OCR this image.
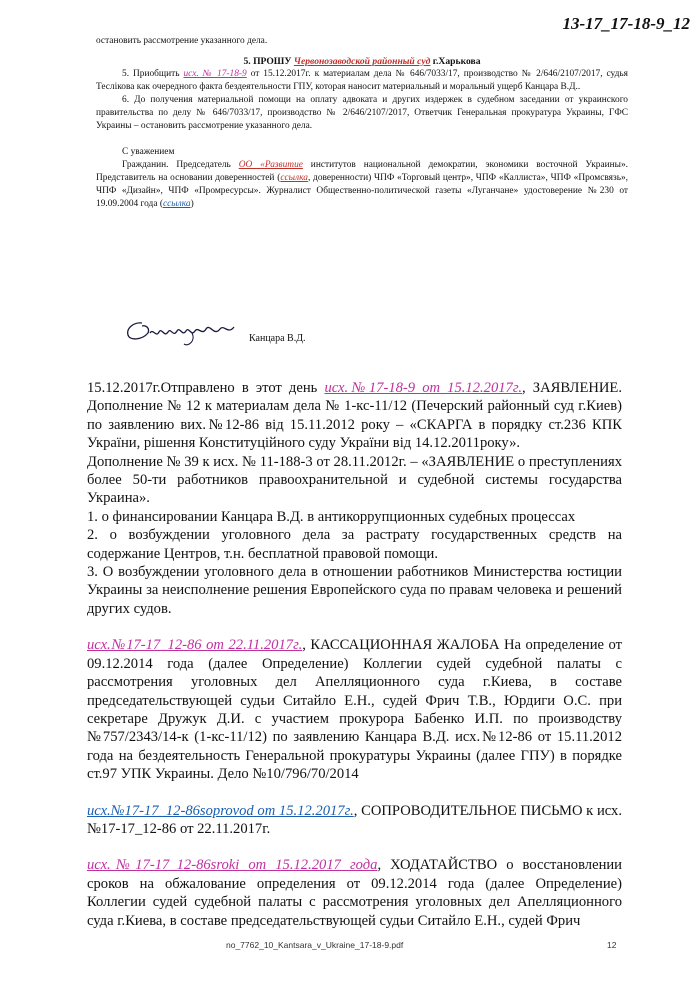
13-17_17-18-9_12

остановить рассмотрение указанного дела.

5. ПРОШУ Червонозаводской районный суд г.Харькова

5. Приобщить исх. № 17-18-9 от 15.12.2017г. к материалам дела № 646/7033/17, производство № 2/646/2107/2017, судья Теслікова как очередного факта бездеятельности ГПУ, которая наносит материальный и моральный ущерб Канцара В.Д..

6. До получения материальной помощи на оплату адвоката и других издержек в судебном заседании от украинского правительства по делу № 646/7033/17, производство № 2/646/2107/2017, Ответчик Генеральная прокуратура Украины, ГФС Украины – остановить рассмотрение указанного дела.

С уважением

Гражданин. Председатель ОО «Развитие институтов национальной демократии, экономики восточной Украины». Представитель на основании доверенностей (ссылка, доверенности) ЧПФ «Торговый центр», ЧПФ «Каллиста», ЧПФ «Промсвязь», ЧПФ «Дизайн», ЧПФ «Промресурсы». Журналист Общественно-политической газеты «Луганчане» удостоверение №230 от 19.09.2004 года (ссылка)

Канцара В.Д.

15.12.2017г.Отправлено в этот день исх.№17-18-9 от 15.12.2017г., ЗАЯВЛЕНИЕ. Дополнение № 12 к материалам дела № 1-кс-11/12 (Печерский районный суд г.Киев) по заявлению вих.№12-86 від 15.11.2012 року – «СКАРГА в порядку ст.236 КПК України, рішення Конституційного суду України від 14.12.2011року».

Дополнение № 39 к исх. № 11-188-3 от 28.11.2012г. – «ЗАЯВЛЕНИЕ о преступлениях более 50-ти работников правоохранительной и судебной системы государства Украина».

1. о финансировании Канцара В.Д. в антикоррупционных судебных процессах

2. о возбуждении уголовного дела за растрату государственных средств на содержание Центров, т.н. бесплатной правовой помощи.

3. О возбуждении уголовного дела в отношении работников Министерства юстиции Украины за неисполнение решения Европейского суда по правам человека и решений других судов.

исх.№17-17_12-86 от 22.11.2017г., КАССАЦИОННАЯ ЖАЛОБА На определение от 09.12.2014 года (далее Определение) Коллегии судей судебной палаты с рассмотрения уголовных дел Апелляционного суда г.Киева, в составе председательствующей судьи Ситайло Е.Н., судей Фрич Т.В., Юрдиги О.С. при секретаре Дружук Д.И. с участием прокурора Бабенко И.П. по производству №757/2343/14-к (1-кс-11/12) по заявлению Канцара В.Д. исх.№12-86 от 15.11.2012 года на бездеятельность Генеральной прокуратуры Украины (далее ГПУ) в порядке ст.97 УПК Украины. Дело №10/796/70/2014

исх.№17-17_12-86soprovod от 15.12.2017г., СОПРОВОДИТЕЛЬНОЕ ПИСЬМО к исх.№17-17_12-86 от 22.11.2017г.

исх.№17-17_12-86sroki от 15.12.2017 года, ХОДАТАЙСТВО о восстановлении сроков на обжалование определения от 09.12.2014 года (далее Определение) Коллегии судей судебной палаты с рассмотрения уголовных дел Апелляционного суда г.Киева, в составе председательствующей судьи Ситайло Е.Н., судей Фрич

no_7762_10_Kantsara_v_Ukraine_17-18-9.pdf	12
